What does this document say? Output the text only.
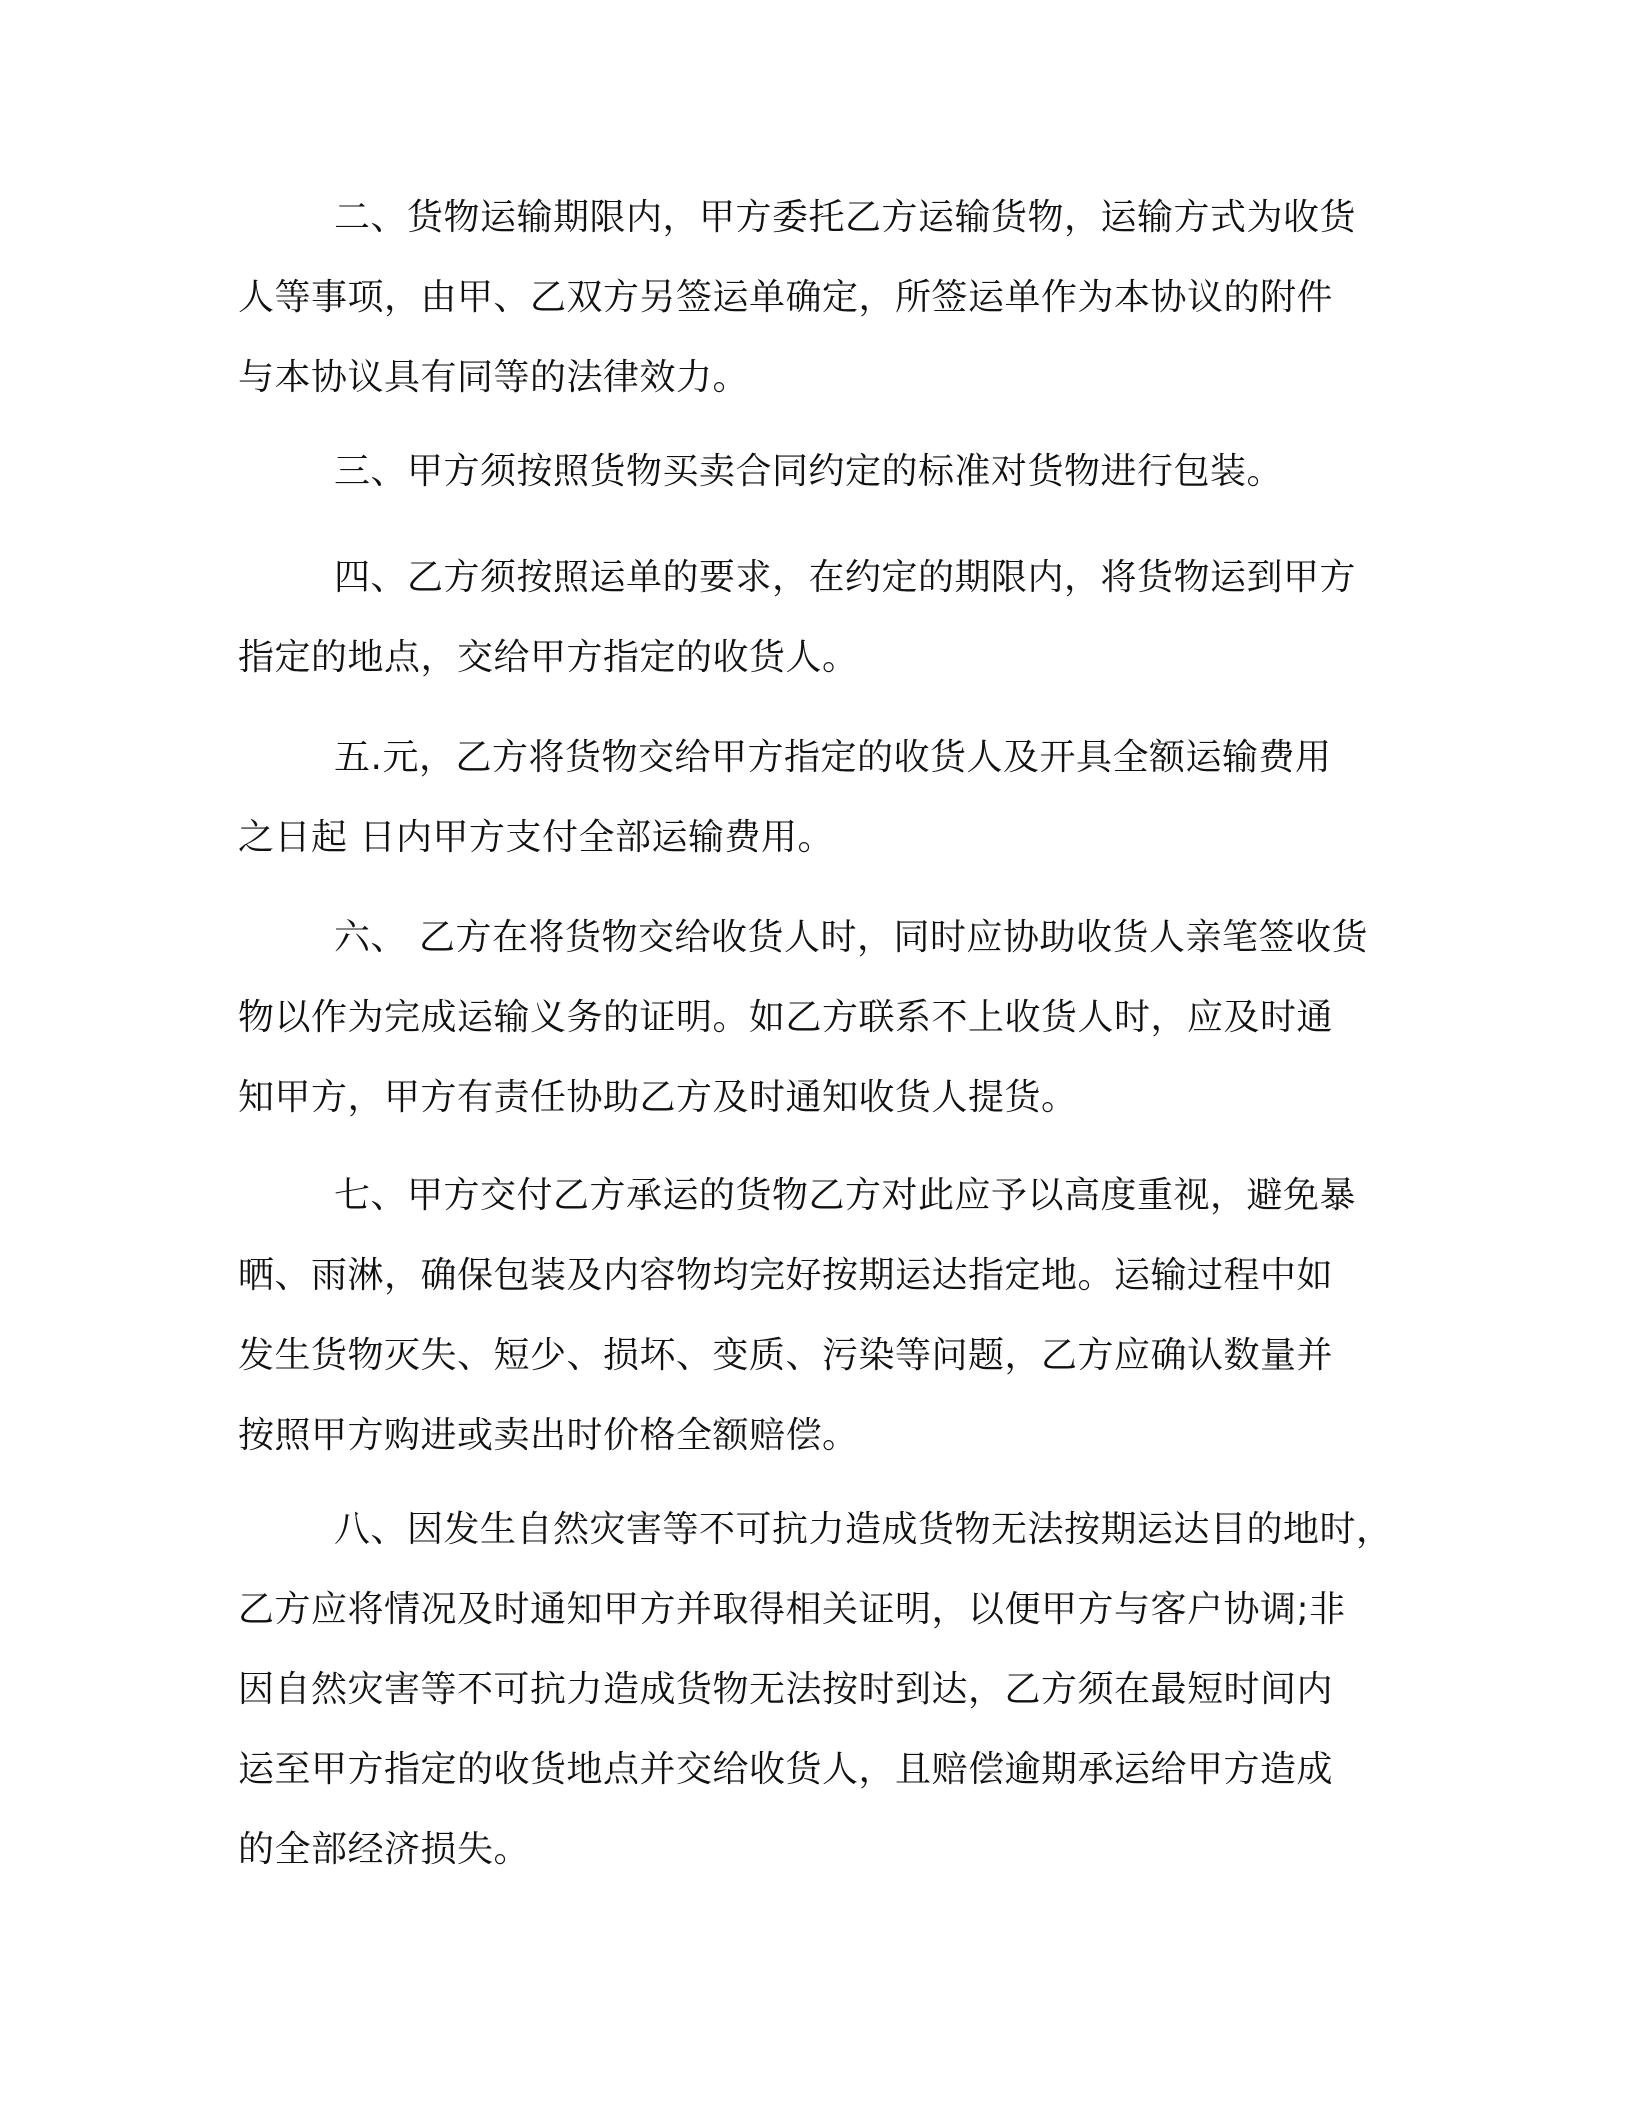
二、货物运输期限内，甲方委托乙方运输货物，运输方式为收货
人等事项，由甲、乙双方另签运单确定，所签运单作为本协议的附件
与本协议具有同等的法律效力。
三、甲方须按照货物买卖合同约定的标准对货物进行包装。
四、乙方须按照运单的要求，在约定的期限内，将货物运到甲方
指定的地点，交给甲方指定的收货人。
五.元，乙方将货物交给甲方指定的收货人及开具全额运输费用
之日起 日内甲方支付全部运输费用。
六、 乙方在将货物交给收货人时，同时应协助收货人亲笔签收货
物以作为完成运输义务的证明。如乙方联系不上收货人时，应及时通
知甲方，甲方有责任协助乙方及时通知收货人提货。
七、甲方交付乙方承运的货物乙方对此应予以高度重视，避免暴
晒、雨淋，确保包装及内容物均完好按期运达指定地。运输过程中如
发生货物灭失、短少、损坏、变质、污染等问题，乙方应确认数量并
按照甲方购进或卖出时价格全额赔偿。
八、因发生自然灾害等不可抗力造成货物无法按期运达目的地时，
乙方应将情况及时通知甲方并取得相关证明，以便甲方与客户协调;非
因自然灾害等不可抗力造成货物无法按时到达，乙方须在最短时间内
运至甲方指定的收货地点并交给收货人，且赔偿逾期承运给甲方造成
的全部经济损失。
